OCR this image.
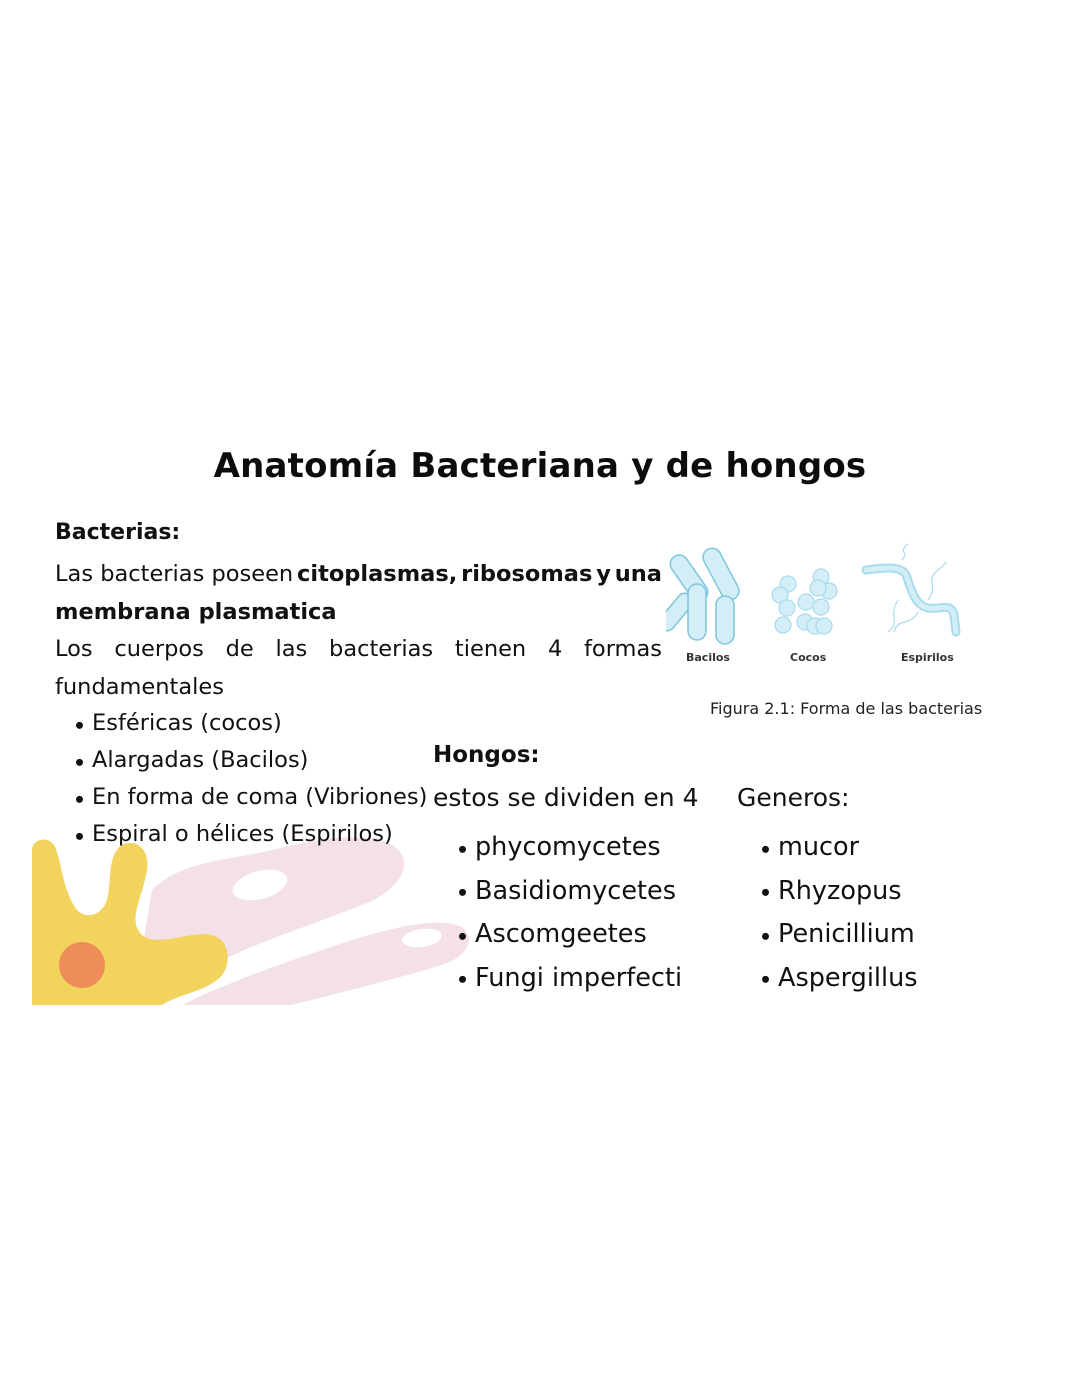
Anatomía Bacteriana y de hongos
Bacterias:
Las bacterias poseen citoplasmas, ribosomas y una
membrana plasmatica
Los cuerpos de las bacterias tienen 4 formas
fundamentales
Esféricas (cocos)
Alargadas (Bacilos)
En forma de coma (Vibriones)
Espiral o hélices (Espirilos)
Bacilos	Cocos	Espirilos
Figura 2.1: Forma de las bacterias
Hongos:
estos se dividen en 4 Generos:
phycomycetes
Basidiomycetes
Ascomgeetes
Fungi imperfecti
mucor
Rhyzopus
Penicillium
Aspergillus
